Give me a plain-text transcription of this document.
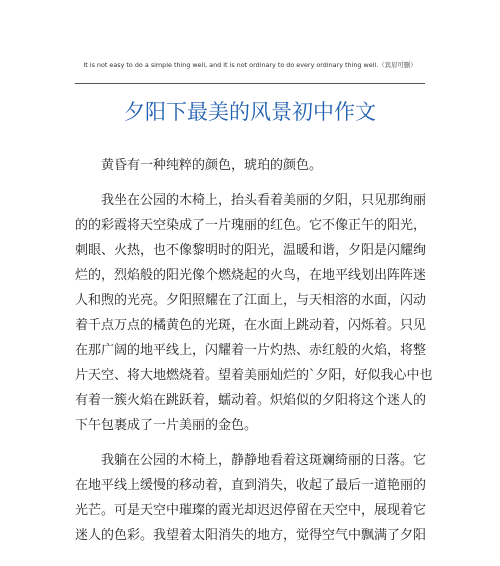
It is not easy to do a simple thing well, and it is not ordinary to do every ordinary thing well.（宾眉可删）
夕阳下最美的风景初中作文

黄昏有一种纯粹的颜色，琥珀的颜色。

我坐在公园的木椅上，抬头看着美丽的夕阳，只见那绚丽
的的彩霞将天空染成了一片瑰丽的红色。它不像正午的阳光，
刺眼、火热，也不像黎明时的阳光，温暖和谐，夕阳是闪耀绚
烂的，烈焰般的阳光像个燃烧起的火鸟，在地平线划出阵阵迷
人和煦的光亮。夕阳照耀在了江面上，与天相溶的水面，闪动
着千点万点的橘黄色的光斑，在水面上跳动着，闪烁着。只见
在那广阔的地平线上，闪耀着一片灼热、赤红般的火焰，将整
片天空、将大地燃烧着。望着美丽灿烂的`夕阳，好似我心中也
有着一簇火焰在跳跃着，蠕动着。炽焰似的夕阳将这个迷人的
下午包裹成了一片美丽的金色。

我躺在公园的木椅上，静静地看着这斑斓绮丽的日落。它
在地平线上缓慢的移动着，直到消失，收起了最后一道艳丽的
光芒。可是天空中璀璨的霞光却迟迟停留在天空中，展现着它
迷人的色彩。我望着太阳消失的地方，觉得空气中飘满了夕阳
